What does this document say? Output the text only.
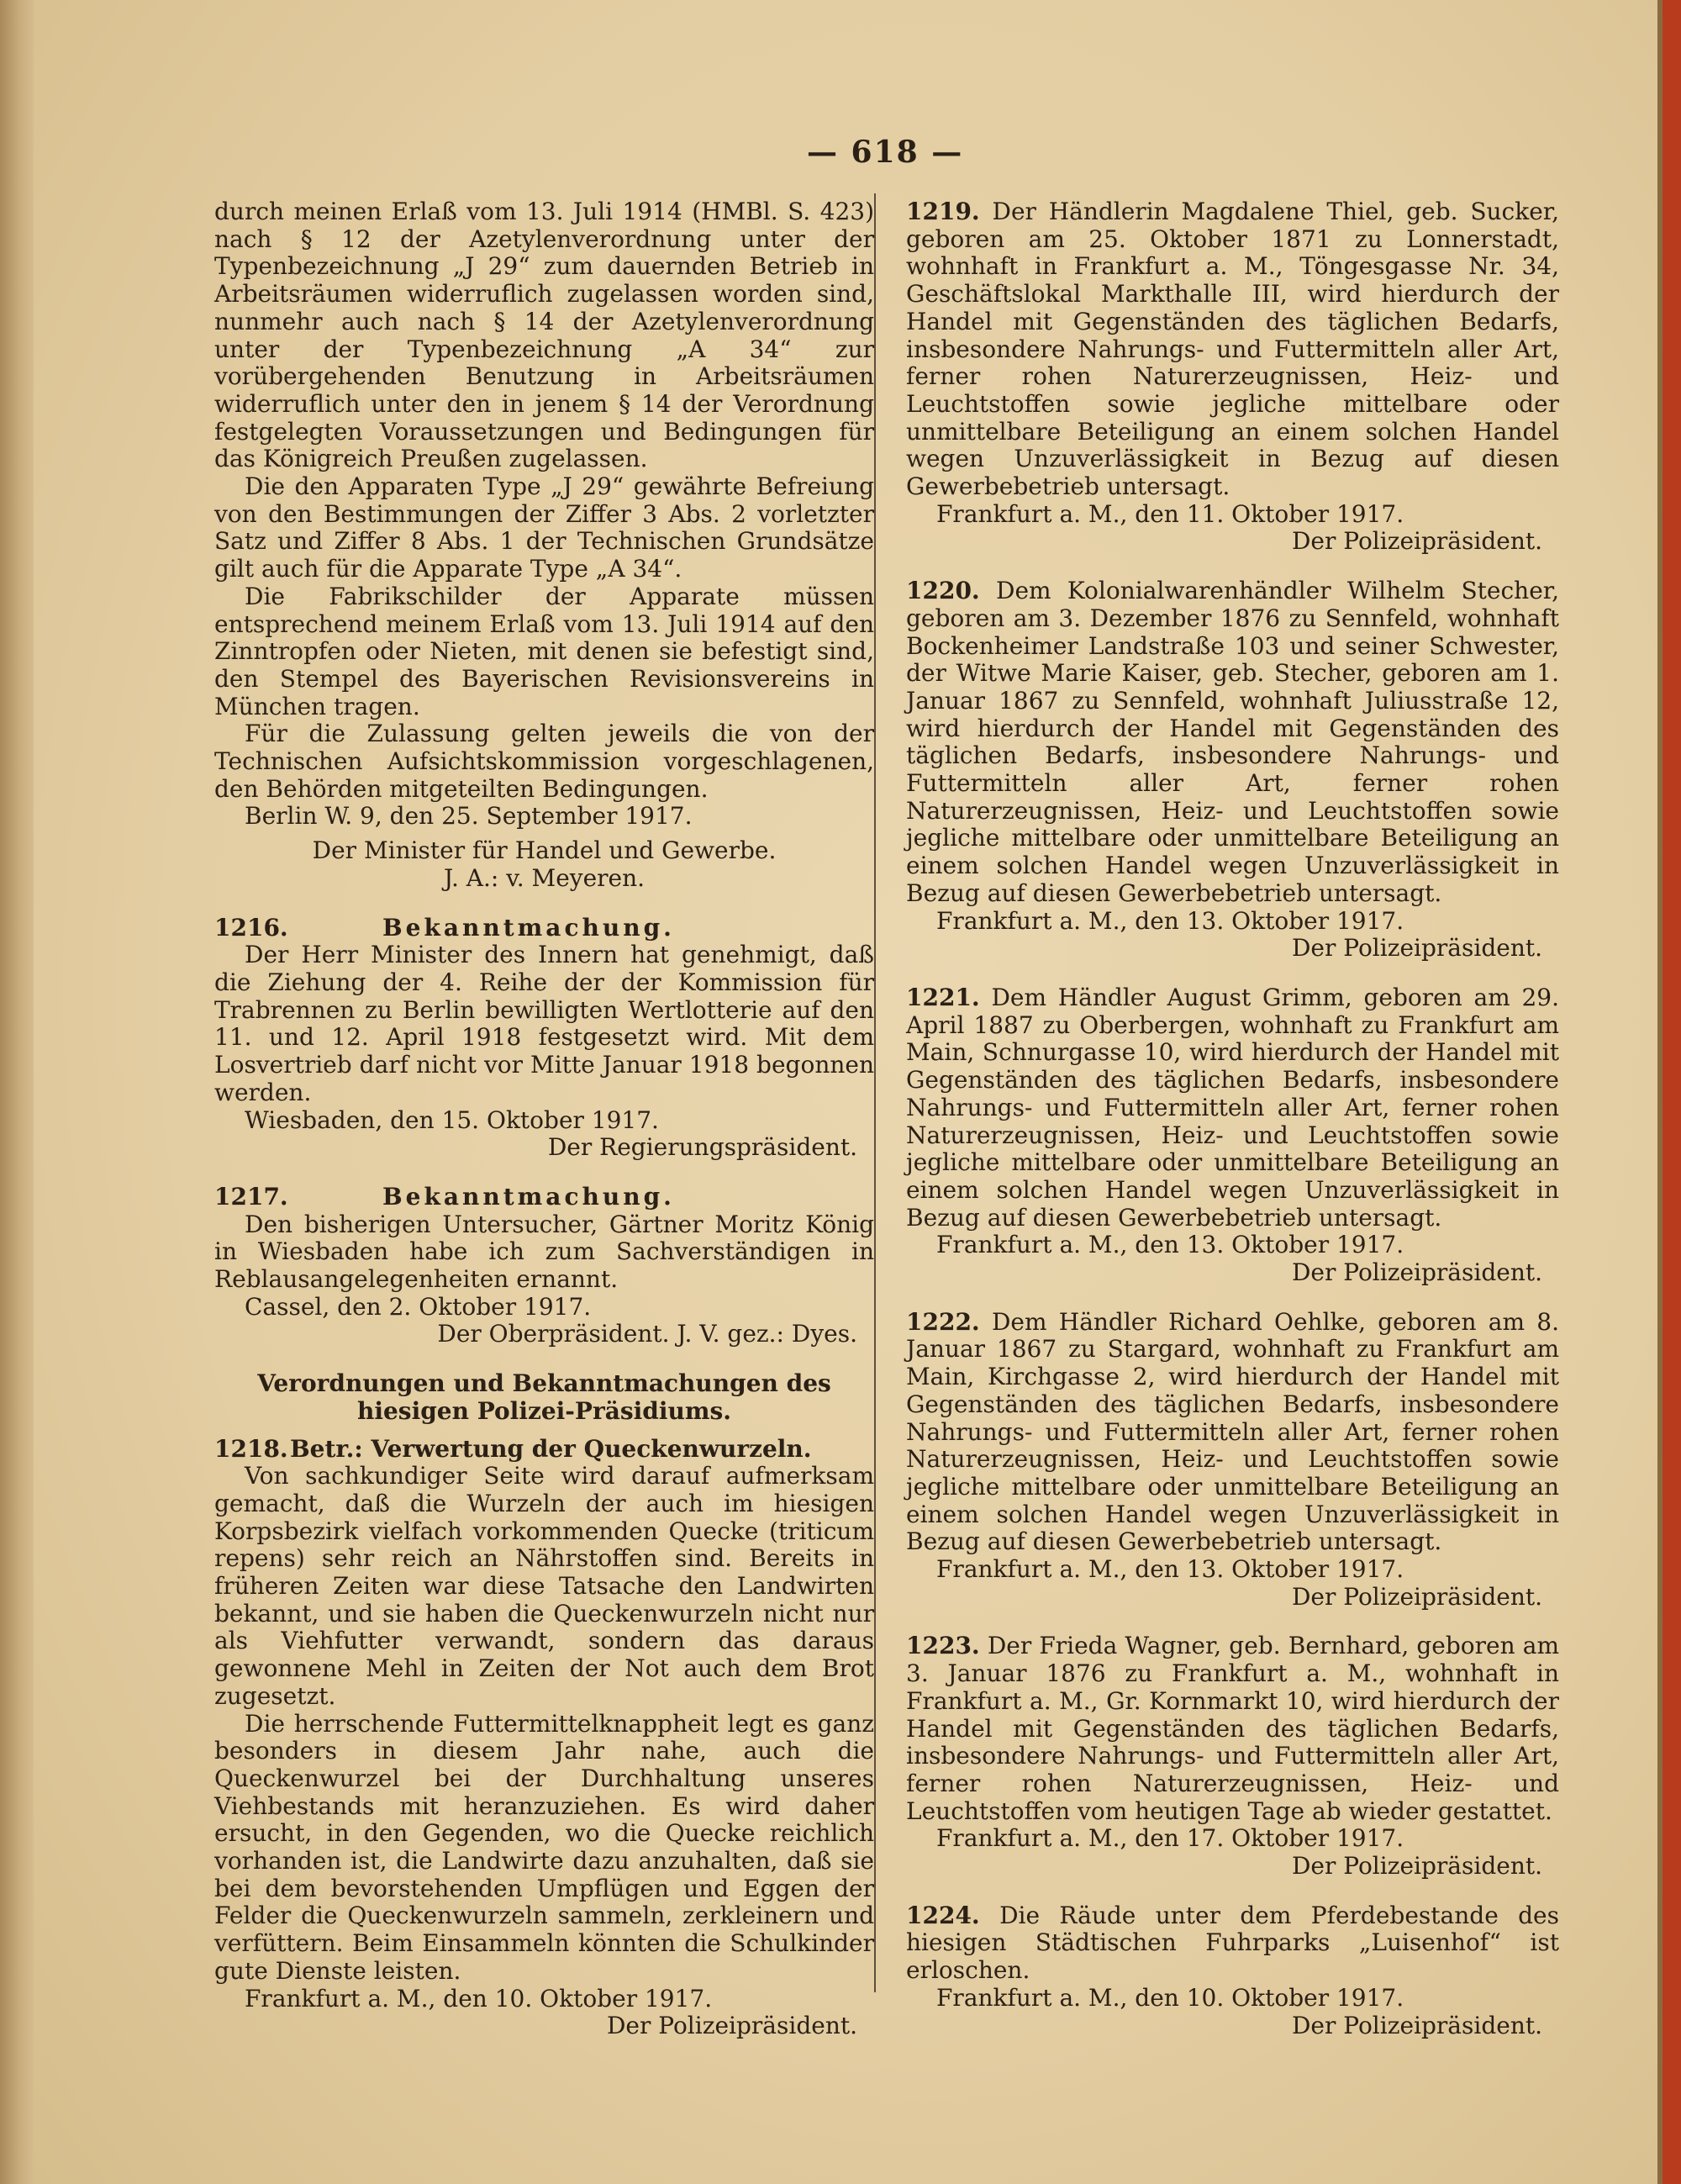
— 618 —

durch meinen Erlaß vom 13. Juli 1914 (HMBl. S. 423) nach § 12 der Azetylenverordnung unter der Typenbezeichnung „J 29“ zum dauernden Betrieb in Arbeitsräumen widerruflich zugelassen worden sind, nunmehr auch nach § 14 der Azetylenverordnung unter der Typenbezeichnung „A 34“ zur vorübergehenden Benutzung in Arbeitsräumen widerruflich unter den in jenem § 14 der Verordnung festgelegten Voraussetzungen und Bedingungen für das Königreich Preußen zugelassen.

Die den Apparaten Type „J 29“ gewährte Befreiung von den Bestimmungen der Ziffer 3 Abs. 2 vorletzter Satz und Ziffer 8 Abs. 1 der Technischen Grundsätze gilt auch für die Apparate Type „A 34“.

Die Fabrikschilder der Apparate müssen entsprechend meinem Erlaß vom 13. Juli 1914 auf den Zinntropfen oder Nieten, mit denen sie befestigt sind, den Stempel des Bayerischen Revisionsvereins in München tragen.

Für die Zulassung gelten jeweils die von der Technischen Aufsichtskommission vorgeschlagenen, den Behörden mitgeteilten Bedingungen.

Berlin W. 9, den 25. September 1917.

Der Minister für Handel und Gewerbe.

J. A.: v. Meyeren.

1216.	Bekanntmachung.

Der Herr Minister des Innern hat genehmigt, daß die Ziehung der 4. Reihe der der Kommission für Trabrennen zu Berlin bewilligten Wertlotterie auf den 11. und 12. April 1918 festgesetzt wird. Mit dem Losvertrieb darf nicht vor Mitte Januar 1918 begonnen werden.

Wiesbaden, den 15. Oktober 1917.

Der Regierungspräsident.

1217.	Bekanntmachung.

Den bisherigen Untersucher, Gärtner Moritz König in Wiesbaden habe ich zum Sachverständigen in Reblausangelegenheiten ernannt.

Cassel, den 2. Oktober 1917.

Der Oberpräsident. J. V. gez.: Dyes.

Verordnungen und Bekanntmachungen des hiesigen Polizei-Präsidiums.

1218. Betr.: Verwertung der Queckenwurzeln.

Von sachkundiger Seite wird darauf aufmerksam gemacht, daß die Wurzeln der auch im hiesigen Korpsbezirk vielfach vorkommenden Quecke (triticum repens) sehr reich an Nährstoffen sind. Bereits in früheren Zeiten war diese Tatsache den Landwirten bekannt, und sie haben die Queckenwurzeln nicht nur als Viehfutter verwandt, sondern das daraus gewonnene Mehl in Zeiten der Not auch dem Brot zugesetzt.

Die herrschende Futtermittelknappheit legt es ganz besonders in diesem Jahr nahe, auch die Queckenwurzel bei der Durchhaltung unseres Viehbestands mit heranzuziehen. Es wird daher ersucht, in den Gegenden, wo die Quecke reichlich vorhanden ist, die Landwirte dazu anzuhalten, daß sie bei dem bevorstehenden Umpflügen und Eggen der Felder die Queckenwurzeln sammeln, zerkleinern und verfüttern. Beim Einsammeln könnten die Schulkinder gute Dienste leisten.

Frankfurt a. M., den 10. Oktober 1917.

Der Polizeipräsident.

1219. Der Händlerin Magdalene Thiel, geb. Sucker, geboren am 25. Oktober 1871 zu Lonnerstadt, wohnhaft in Frankfurt a. M., Töngesgasse Nr. 34, Geschäftslokal Markthalle III, wird hierdurch der Handel mit Gegenständen des täglichen Bedarfs, insbesondere Nahrungs- und Futtermitteln aller Art, ferner rohen Naturerzeugnissen, Heiz- und Leuchtstoffen sowie jegliche mittelbare oder unmittelbare Beteiligung an einem solchen Handel wegen Unzuverlässigkeit in Bezug auf diesen Gewerbebetrieb untersagt.

Frankfurt a. M., den 11. Oktober 1917.

Der Polizeipräsident.

1220. Dem Kolonialwarenhändler Wilhelm Stecher, geboren am 3. Dezember 1876 zu Sennfeld, wohnhaft Bockenheimer Landstraße 103 und seiner Schwester, der Witwe Marie Kaiser, geb. Stecher, geboren am 1. Januar 1867 zu Sennfeld, wohnhaft Juliusstraße 12, wird hierdurch der Handel mit Gegenständen des täglichen Bedarfs, insbesondere Nahrungs- und Futtermitteln aller Art, ferner rohen Naturerzeugnissen, Heiz- und Leuchtstoffen sowie jegliche mittelbare oder unmittelbare Beteiligung an einem solchen Handel wegen Unzuverlässigkeit in Bezug auf diesen Gewerbebetrieb untersagt.

Frankfurt a. M., den 13. Oktober 1917.

Der Polizeipräsident.

1221. Dem Händler August Grimm, geboren am 29. April 1887 zu Oberbergen, wohnhaft zu Frankfurt am Main, Schnurgasse 10, wird hierdurch der Handel mit Gegenständen des täglichen Bedarfs, insbesondere Nahrungs- und Futtermitteln aller Art, ferner rohen Naturerzeugnissen, Heiz- und Leuchtstoffen sowie jegliche mittelbare oder unmittelbare Beteiligung an einem solchen Handel wegen Unzuverlässigkeit in Bezug auf diesen Gewerbebetrieb untersagt.

Frankfurt a. M., den 13. Oktober 1917.

Der Polizeipräsident.

1222. Dem Händler Richard Oehlke, geboren am 8. Januar 1867 zu Stargard, wohnhaft zu Frankfurt am Main, Kirchgasse 2, wird hierdurch der Handel mit Gegenständen des täglichen Bedarfs, insbesondere Nahrungs- und Futtermitteln aller Art, ferner rohen Naturerzeugnissen, Heiz- und Leuchtstoffen sowie jegliche mittelbare oder unmittelbare Beteiligung an einem solchen Handel wegen Unzuverlässigkeit in Bezug auf diesen Gewerbebetrieb untersagt.

Frankfurt a. M., den 13. Oktober 1917.

Der Polizeipräsident.

1223. Der Frieda Wagner, geb. Bernhard, geboren am 3. Januar 1876 zu Frankfurt a. M., wohnhaft in Frankfurt a. M., Gr. Kornmarkt 10, wird hierdurch der Handel mit Gegenständen des täglichen Bedarfs, insbesondere Nahrungs- und Futtermitteln aller Art, ferner rohen Naturerzeugnissen, Heiz- und Leuchtstoffen vom heutigen Tage ab wieder gestattet.

Frankfurt a. M., den 17. Oktober 1917.

Der Polizeipräsident.

1224. Die Räude unter dem Pferdebestande des hiesigen Städtischen Fuhrparks „Luisenhof“ ist erloschen.

Frankfurt a. M., den 10. Oktober 1917.

Der Polizeipräsident.
